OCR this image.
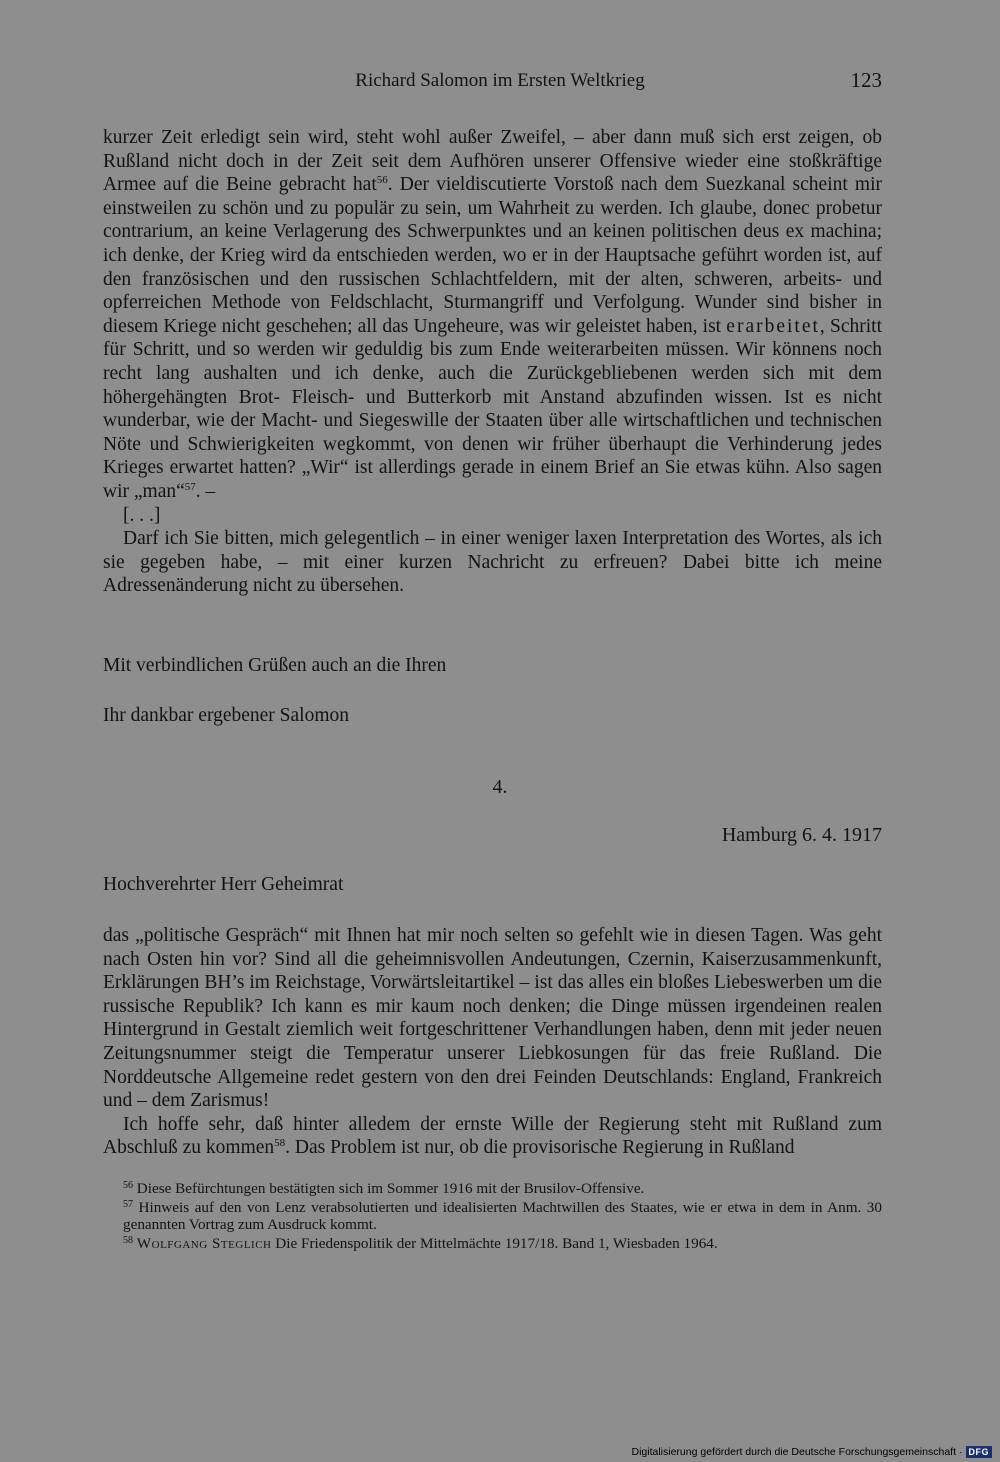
Richard Salomon im Ersten Weltkrieg	123

kurzer Zeit erledigt sein wird, steht wohl außer Zweifel, – aber dann muß sich erst zeigen, ob Rußland nicht doch in der Zeit seit dem Aufhören unserer Offensive wieder eine stoßkräftige Armee auf die Beine gebracht hat$^{56}$. Der vieldiscutierte Vorstoß nach dem Suezkanal scheint mir einstweilen zu schön und zu populär zu sein, um Wahrheit zu werden. Ich glaube, donec probetur contrarium, an keine Verlagerung des Schwerpunktes und an keinen politischen deus ex machina; ich denke, der Krieg wird da entschieden werden, wo er in der Hauptsache geführt worden ist, auf den französischen und den russischen Schlachtfeldern, mit der alten, schweren, arbeits- und opferreichen Methode von Feldschlacht, Sturmangriff und Verfolgung. Wunder sind bisher in diesem Kriege nicht geschehen; all das Ungeheure, was wir geleistet haben, ist erarbeitet, Schritt für Schritt, und so werden wir geduldig bis zum Ende weiterarbeiten müssen. Wir könnens noch recht lang aushalten und ich denke, auch die Zurückgebliebenen werden sich mit dem höhergehängten Brot- Fleisch- und Butterkorb mit Anstand abzufinden wissen. Ist es nicht wunderbar, wie der Macht- und Siegeswille der Staaten über alle wirtschaftlichen und technischen Nöte und Schwierigkeiten wegkommt, von denen wir früher überhaupt die Verhinderung jedes Krieges erwartet hatten? „Wir“ ist allerdings gerade in einem Brief an Sie etwas kühn. Also sagen wir „man“$^{57}$. –

[. . .]

Darf ich Sie bitten, mich gelegentlich – in einer weniger laxen Interpretation des Wortes, als ich sie gegeben habe, – mit einer kurzen Nachricht zu erfreuen? Dabei bitte ich meine Adressenänderung nicht zu übersehen.

Mit verbindlichen Grüßen auch an die Ihren
Ihr dankbar ergebener Salomon
4.
Hamburg 6. 4. 1917
Hochverehrter Herr Geheimrat

das „politische Gespräch“ mit Ihnen hat mir noch selten so gefehlt wie in diesen Tagen. Was geht nach Osten hin vor? Sind all die geheimnisvollen Andeutungen, Czernin, Kaiserzusammenkunft, Erklärungen BH’s im Reichstage, Vorwärtsleitartikel – ist das alles ein bloßes Liebeswerben um die russische Republik? Ich kann es mir kaum noch denken; die Dinge müssen irgendeinen realen Hintergrund in Gestalt ziemlich weit fortgeschrittener Verhandlungen haben, denn mit jeder neuen Zeitungsnummer steigt die Temperatur unserer Liebkosungen für das freie Rußland. Die Norddeutsche Allgemeine redet gestern von den drei Feinden Deutschlands: England, Frankreich und – dem Zarismus!

Ich hoffe sehr, daß hinter alledem der ernste Wille der Regierung steht mit Rußland zum Abschluß zu kommen$^{58}$. Das Problem ist nur, ob die provisorische Regierung in Rußland

$^{56}$ Diese Befürchtungen bestätigten sich im Sommer 1916 mit der Brusilov-Offensive.

$^{57}$ Hinweis auf den von Lenz verabsolutierten und idealisierten Machtwillen des Staates, wie er etwa in dem in Anm. 30 genannten Vortrag zum Ausdruck kommt.

$^{58}$ Wolfgang Steglich Die Friedenspolitik der Mittelmächte 1917/18. Band 1, Wiesbaden 1964.

Digitalisierung gefördert durch die Deutsche Forschungsgemeinschaft · DFG
